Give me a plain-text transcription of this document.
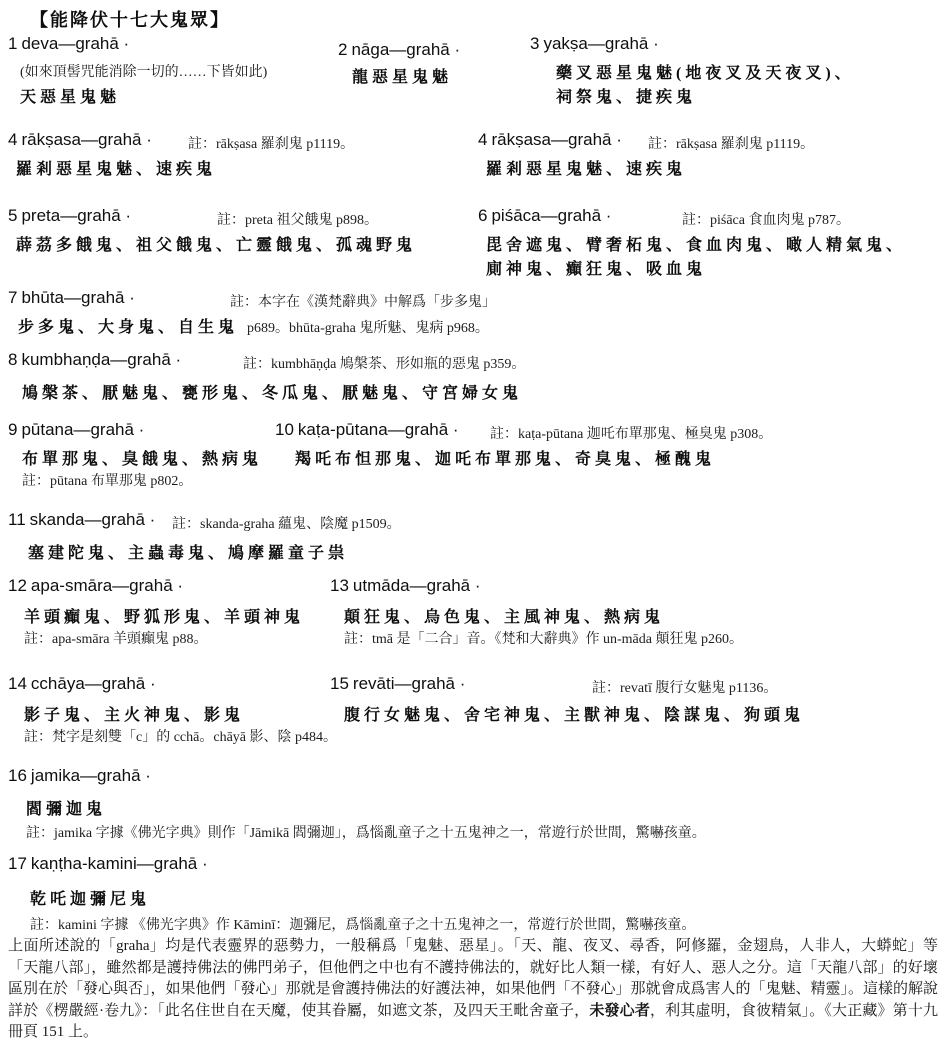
【能降伏十七大鬼眾】
1 deva—grahā ·
(如來頂髻咒能消除一切的……下皆如此)
天惡星鬼魅
2 nāga—grahā ·
龍惡星鬼魅
3 yakṣa—grahā ·
藥叉惡星鬼魅(地夜叉及天夜叉)、
祠祭鬼、捷疾鬼
4 rākṣasa—grahā ·	註：rākṣasa 羅刹鬼 p1119。
羅剎惡星鬼魅、速疾鬼
4 rākṣasa—grahā · 註：rākṣasa 羅刹鬼 p1119。
羅剎惡星鬼魅、速疾鬼
5 preta—grahā ·	註：preta 祖父餓鬼 p898。
薜茘多餓鬼、祖父餓鬼、亡靈餓鬼、孤魂野鬼
6 piśāca—grahā ·	註：piśāca 食血肉鬼 p787。
毘舍遮鬼、臂奢柘鬼、食血肉鬼、噉人精氣鬼、
廁神鬼、癲狂鬼、吸血鬼
7 bhūta—grahā ·	註：本字在《漢梵辭典》中解爲「步多鬼」
步多鬼、大身鬼、自生鬼 p689。bhūta-graha 鬼所魅、鬼病 p968。
8 kumbhaṇḍa—grahā ·	註：kumbhāṇḍa 鳩槃茶、形如瓶的惡鬼 p359。
鳩槃茶、厭魅鬼、甕形鬼、冬瓜鬼、厭魅鬼、守宮婦女鬼
9 pūtana—grahā ·
布單那鬼、臭餓鬼、熱病鬼
註：pūtana 布單那鬼 p802。
10 kaṭa-pūtana—grahā · 註：kaṭa-pūtana 迦吒布單那鬼、極臭鬼 p308。
羯吒布怛那鬼、迦吒布單那鬼、奇臭鬼、極醜鬼
11 skanda—grahā · 註：skanda-graha 蘊鬼、陰魔 p1509。
塞建陀鬼、主蟲毒鬼、鳩摩羅童子祟
12 apa-smāra—grahā ·
羊頭癲鬼、野狐形鬼、羊頭神鬼
註：apa-smāra 羊頭癲鬼 p88。
13 utmāda—grahā ·
顛狂鬼、烏色鬼、主風神鬼、熱病鬼
註：tmā 是「二合」音。《梵和大辭典》作 un-māda 顛狂鬼 p260。
14 cchāya—grahā ·
影子鬼、主火神鬼、影鬼
註：梵字是刻雙「c」的 cchā。chāyā 影、陰 p484。
15 revāti—grahā ·	註：revatī 腹行女魅鬼 p1136。
腹行女魅鬼、舍宅神鬼、主獸神鬼、陰謀鬼、狗頭鬼
16 jamika—grahā ·
閻彌迦鬼
註：jamika 字據《佛光字典》則作「Jāmikā 閻彌迦」，爲惱亂童子之十五鬼神之一，常遊行於世間，驚嚇孩童。
17 kaṇṭha-kamini—grahā ·
乾吒迦彌尼鬼
註：kamini 字據 《佛光字典》作 Kāminī：迦彌尼，爲惱亂童子之十五鬼神之一，常遊行於世間，驚嚇孩童。
上面所述說的「graha」均是代表靈界的惡勢力，一般稱爲「鬼魅、惡星」。「天、龍、夜叉、尋香，阿修羅，金翅鳥，人非人，大蟒蛇」等「天龍八部」，雖然都是護持佛法的佛門弟子，但他們之中也有不護持佛法的，就好比人類一樣，有好人、惡人之分。這「天龍八部」的好壞區別在於「發心與否」，如果他們「發心」那就是會護持佛法的好護法神，如果他們「不發心」那就會成爲害人的「鬼魅、精靈」。這樣的解說詳於《楞嚴經·卷九》：「此名住世自在天魔，使其眷屬，如遮文茶，及四天王毗舍童子，未發心者，利其虛明，食彼精氣」。《大正藏》第十九冊頁 151 上。
